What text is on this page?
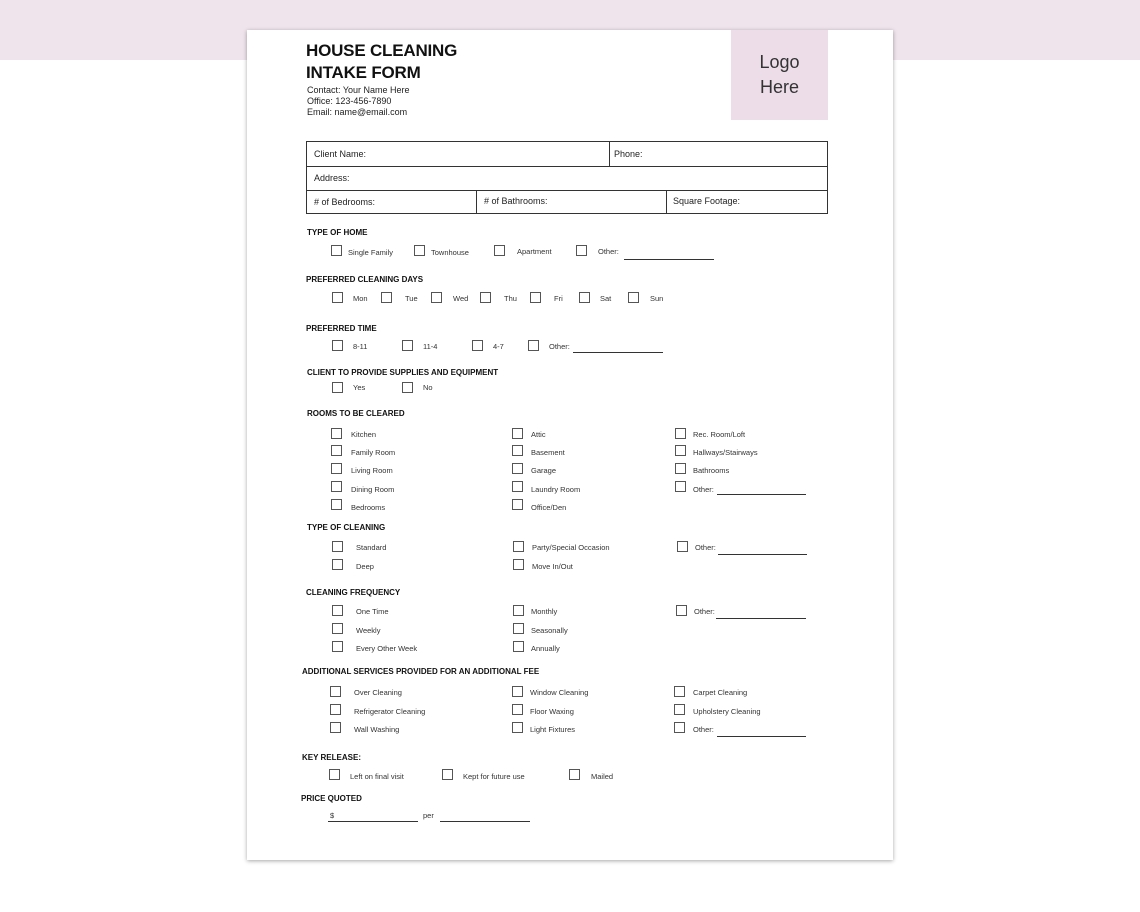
HOUSE CLEANING
INTAKE FORM
Contact: Your Name Here
Office: 123-456-7890
Email: name@email.com
Logo
Here
Client Name:	Phone:
Address:
# of Bedrooms:	# of Bathrooms:	Square Footage:
TYPE OF HOME
Single Family	Townhouse	Apartment	Other:
PREFERRED CLEANING DAYS
Mon	Tue	Wed	Thu	Fri	Sat	Sun
PREFERRED TIME
8-11	11-4	4-7	Other:
CLIENT TO PROVIDE SUPPLIES AND EQUIPMENT
Yes	No
ROOMS TO BE CLEARED
Kitchen
Family Room
Living Room
Dining Room
Bedrooms
Attic
Basement
Garage
Laundry Room
Office/Den
Rec. Room/Loft
Hallways/Stairways
Bathrooms
Other:
TYPE OF CLEANING
Standard
Deep
Party/Special Occasion
Move In/Out
Other:
CLEANING FREQUENCY
One Time
Weekly
Every Other Week
Monthly
Seasonally
Annually
Other:
ADDITIONAL SERVICES PROVIDED FOR AN ADDITIONAL FEE
Over Cleaning
Refrigerator Cleaning
Wall Washing
Window Cleaning
Floor Waxing
Light Fixtures
Carpet Cleaning
Upholstery Cleaning
Other:
KEY RELEASE:
Left on final visit	Kept for future use	Mailed
PRICE QUOTED
$	per
